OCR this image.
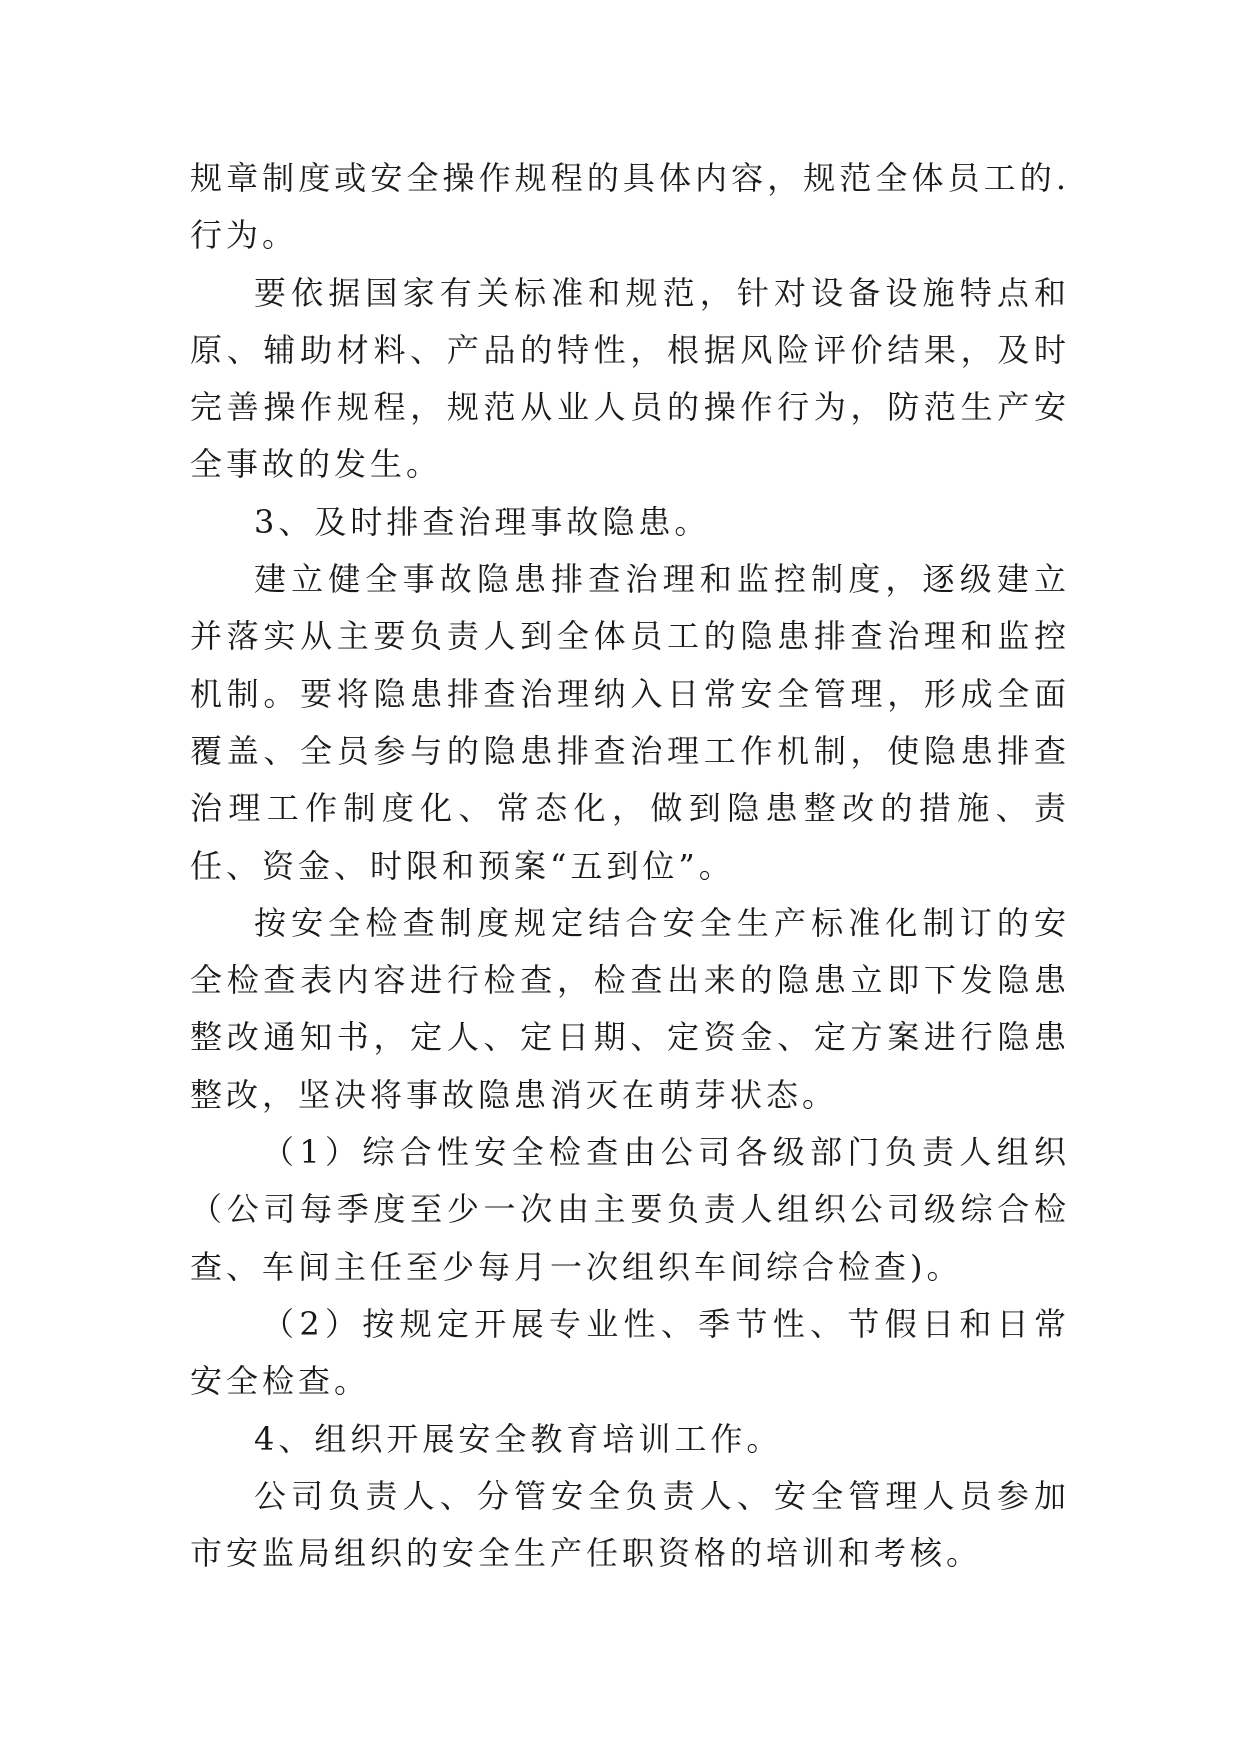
规章制度或安全操作规程的具体内容，规范全体员工的.行为。

要依据国家有关标准和规范，针对设备设施特点和原、辅助材料、产品的特性，根据风险评价结果，及时完善操作规程，规范从业人员的操作行为，防范生产安全事故的发生。

3、及时排查治理事故隐患。

建立健全事故隐患排查治理和监控制度，逐级建立并落实从主要负责人到全体员工的隐患排查治理和监控机制。要将隐患排查治理纳入日常安全管理，形成全面覆盖、全员参与的隐患排查治理工作机制，使隐患排查治理工作制度化、常态化，做到隐患整改的措施、责任、资金、时限和预案“五到位”。

按安全检查制度规定结合安全生产标准化制订的安全检查表内容进行检查，检查出来的隐患立即下发隐患整改通知书，定人、定日期、定资金、定方案进行隐患整改，坚决将事故隐患消灭在萌芽状态。

（1）综合性安全检查由公司各级部门负责人组织（公司每季度至少一次由主要负责人组织公司级综合检查、车间主任至少每月一次组织车间综合检查)。

（2）按规定开展专业性、季节性、节假日和日常安全检查。

4、组织开展安全教育培训工作。

公司负责人、分管安全负责人、安全管理人员参加市安监局组织的安全生产任职资格的培训和考核。
